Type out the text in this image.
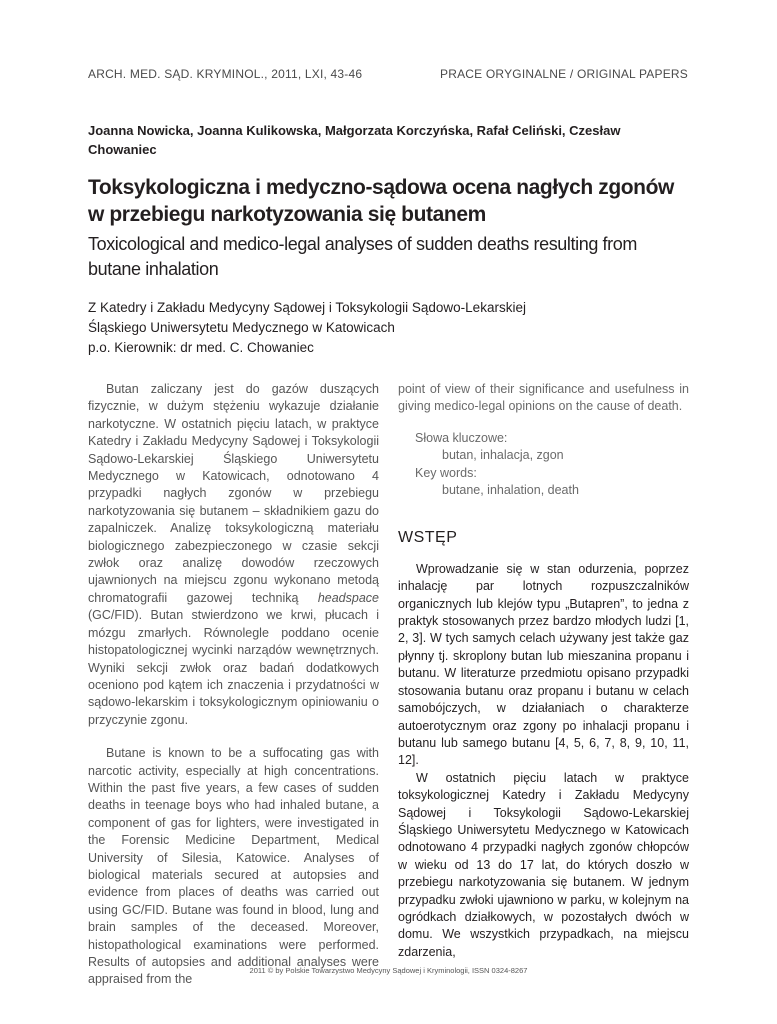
ARCH. MED. SĄD. KRYMINOL., 2011, LXI, 43-46	PRACE ORYGINALNE / ORIGINAL PAPERS
Joanna Nowicka, Joanna Kulikowska, Małgorzata Korczyńska, Rafał Celiński, Czesław Chowaniec
Toksykologiczna i medyczno-sądowa ocena nagłych zgonów w przebiegu narkotyzowania się butanem
Toxicological and medico-legal analyses of sudden deaths resulting from butane inhalation
Z Katedry i Zakładu Medycyny Sądowej i Toksykologii Sądowo-Lekarskiej
Śląskiego Uniwersytetu Medycznego w Katowicach
p.o. Kierownik: dr med. C. Chowaniec

Butan zaliczany jest do gazów duszących fizycznie, w dużym stężeniu wykazuje działanie narkotyczne. W ostatnich pięciu latach, w praktyce Katedry i Zakładu Medycyny Sądowej i Toksykologii Sądowo-Lekarskiej Śląskiego Uniwersytetu Medycznego w Katowicach, odnotowano 4 przypadki nagłych zgonów w przebiegu narkotyzowania się butanem – składnikiem gazu do zapalniczek. Analizę toksykologiczną materiału biologicznego zabezpieczonego w czasie sekcji zwłok oraz analizę dowodów rzeczowych ujawnionych na miejscu zgonu wykonano metodą chromatografii gazowej techniką headspace (GC/FID). Butan stwierdzono we krwi, płucach i mózgu zmarłych. Równolegle poddano ocenie histopatologicznej wycinki narządów wewnętrznych. Wyniki sekcji zwłok oraz badań dodatkowych oceniono pod kątem ich znaczenia i przydatności w sądowo-lekarskim i toksykologicznym opiniowaniu o przyczynie zgonu.

Butane is known to be a suffocating gas with narcotic activity, especially at high concentrations. Within the past five years, a few cases of sudden deaths in teenage boys who had inhaled butane, a component of gas for lighters, were investigated in the Forensic Medicine Department, Medical University of Silesia, Katowice. Analyses of biological materials secured at autopsies and evidence from places of deaths was carried out using GC/FID. Butane was found in blood, lung and brain samples of the deceased. Moreover, histopathological examinations were performed. Results of autopsies and additional analyses were appraised from the

point of view of their significance and usefulness in giving medico-legal opinions on the cause of death.

Słowa kluczowe:
butan, inhalacja, zgon
Key words:
butane, inhalation, death
WSTĘP

Wprowadzanie się w stan odurzenia, poprzez inhalację par lotnych rozpuszczalników organicznych lub klejów typu „Butapren”, to jedna z praktyk stosowanych przez bardzo młodych ludzi [1, 2, 3]. W tych samych celach używany jest także gaz płynny tj. skroplony butan lub mieszanina propanu i butanu. W literaturze przedmiotu opisano przypadki stosowania butanu oraz propanu i butanu w celach samobójczych, w działaniach o charakterze autoerotycznym oraz zgony po inhalacji propanu i butanu lub samego butanu [4, 5, 6, 7, 8, 9, 10, 11, 12].

W ostatnich pięciu latach w praktyce toksykologicznej Katedry i Zakładu Medycyny Sądowej i Toksykologii Sądowo-Lekarskiej Śląskiego Uniwersytetu Medycznego w Katowicach odnotowano 4 przypadki nagłych zgonów chłopców w wieku od 13 do 17 lat, do których doszło w przebiegu narkotyzowania się butanem. W jednym przypadku zwłoki ujawniono w parku, w kolejnym na ogródkach działkowych, w pozostałych dwóch w domu. We wszystkich przypadkach, na miejscu zdarzenia,

2011 © by Polskie Towarzystwo Medycyny Sądowej i Kryminologii, ISSN 0324-8267
